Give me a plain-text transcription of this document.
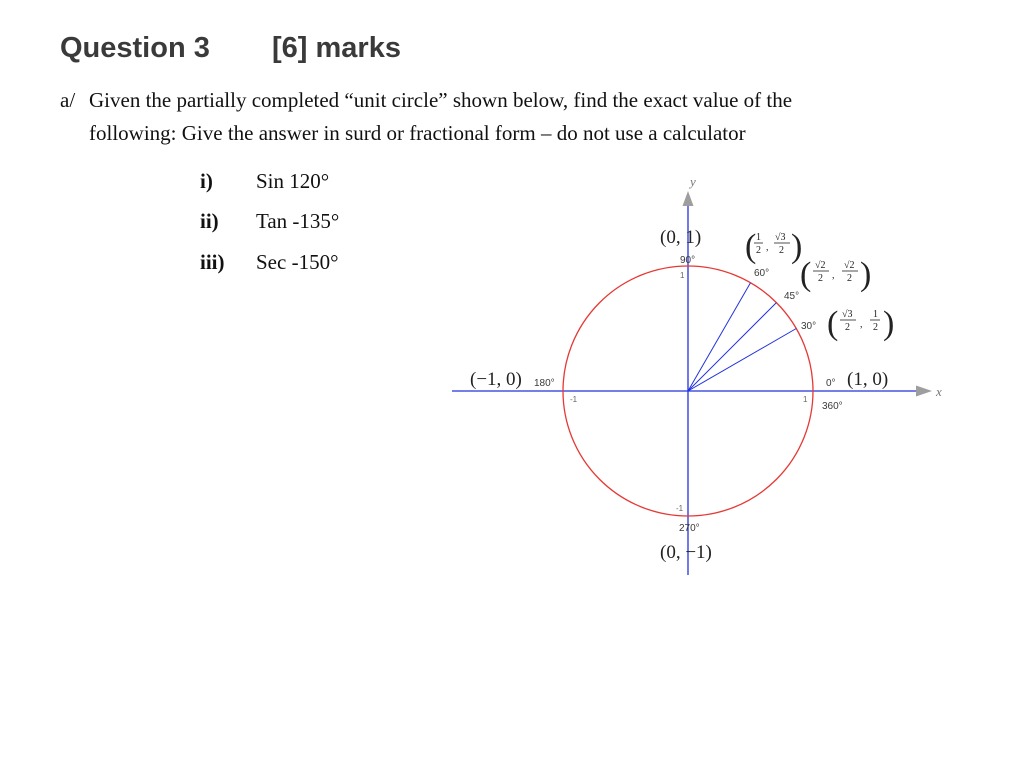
Question 3 [6] marks
a/ Given the partially completed “unit circle” shown below, find the exact value of the
following: Give the answer in surd or fractional form – do not use a calculator
i) Sin 120°
ii) Tan -135°
iii) Sec -150°
x
y
1
-1
1
-1
90°
60°
45°
30°
0°
360°
180°
270°
(0, 1)
(1, 0)
(−1, 0)
(0, −1)
( 1
2 ,
√3
2 )
( √2
2 ,
√2
2 )
( √3
2 ,
1
2 )
